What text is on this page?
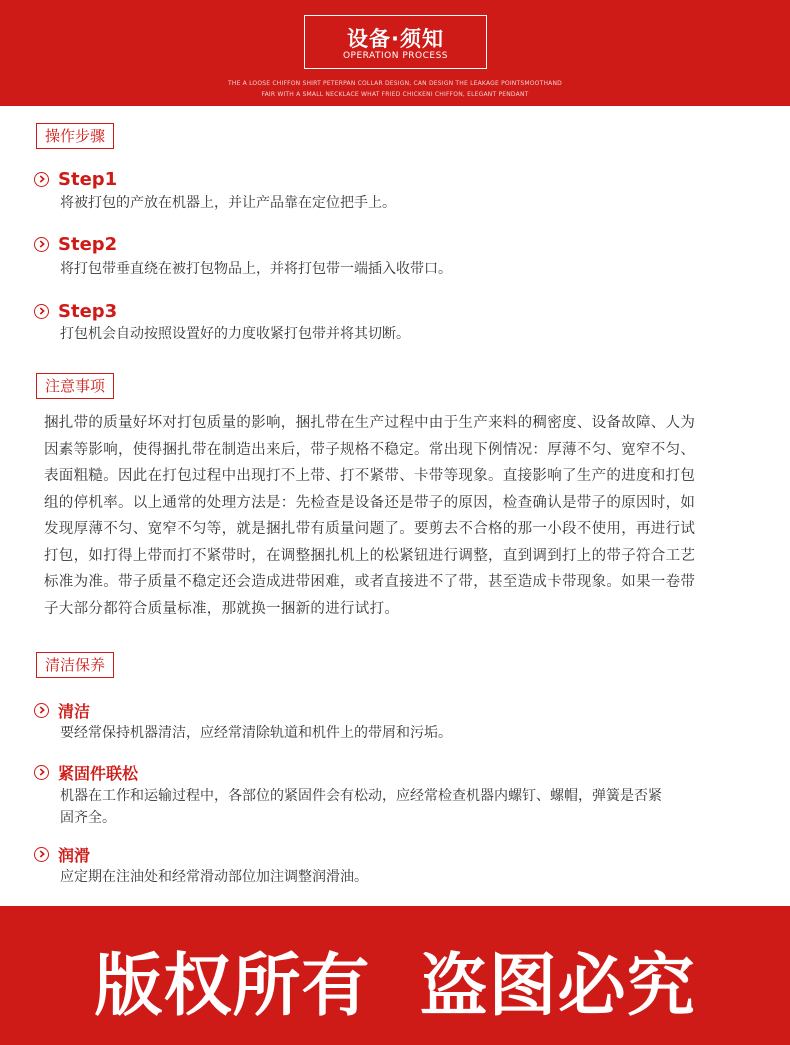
设备·须知
OPERATION PROCESS
THE A LOOSE CHIFFON SHIRT PETERPAN COLLAR DESIGN, CAN DESIGN THE LEAKAGE POINTSMOOTHAND
FAIR WITH A SMALL NECKLACE WHAT FRIED CHICKENI CHIFFON, ELEGANT PENDANT
操作步骤
Step1
将被打包的产放在机器上，并让产品靠在定位把手上。
Step2
将打包带垂直绕在被打包物品上，并将打包带一端插入收带口。
Step3
打包机会自动按照设置好的力度收紧打包带并将其切断。
注意事项
捆扎带的质量好坏对打包质量的影响，捆扎带在生产过程中由于生产来料的稠密度、设备故障、人为
因素等影响，使得捆扎带在制造出来后，带子规格不稳定。常出现下例情况：厚薄不匀、宽窄不匀、
表面粗糙。因此在打包过程中出现打不上带、打不紧带、卡带等现象。直接影响了生产的进度和打包
组的停机率。以上通常的处理方法是：先检查是设备还是带子的原因，检查确认是带子的原因时，如
发现厚薄不匀、宽窄不匀等，就是捆扎带有质量问题了。要剪去不合格的那一小段不使用，再进行试
打包，如打得上带而打不紧带时，在调整捆扎机上的松紧钮进行调整，直到调到打上的带子符合工艺
标准为准。带子质量不稳定还会造成进带困难，或者直接进不了带，甚至造成卡带现象。如果一卷带
子大部分都符合质量标准，那就换一捆新的进行试打。
清洁保养
清洁
要经常保持机器清洁，应经常清除轨道和机件上的带屑和污垢。
紧固件联松
机器在工作和运输过程中，各部位的紧固件会有松动，应经常检查机器内螺钉、螺帽，弹簧是否紧
固齐全。
润滑
应定期在注油处和经常滑动部位加注调整润滑油。
版权所有  盗图必究
